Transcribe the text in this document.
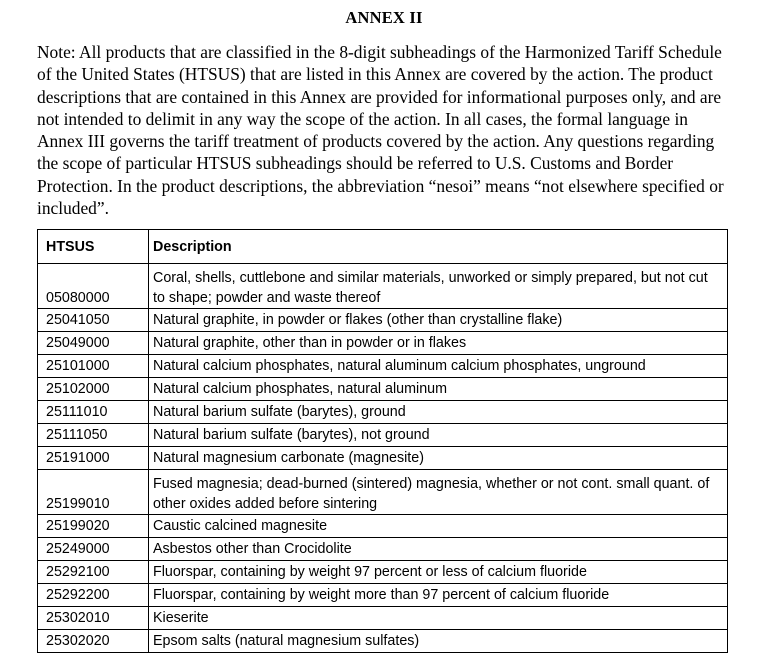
ANNEX II

Note: All products that are classified in the 8-digit subheadings of the Harmonized Tariff Schedule of the United States (HTSUS) that are listed in this Annex are covered by the action. The product descriptions that are contained in this Annex are provided for informational purposes only, and are not intended to delimit in any way the scope of the action. In all cases, the formal language in Annex III governs the tariff treatment of products covered by the action. Any questions regarding the scope of particular HTSUS subheadings should be referred to U.S. Customs and Border Protection. In the product descriptions, the abbreviation “nesoi” means “not elsewhere specified or included”.

HTSUS	Description
05080000	Coral, shells, cuttlebone and similar materials, unworked or simply prepared, but not cut to shape; powder and waste thereof
25041050	Natural graphite, in powder or flakes (other than crystalline flake)
25049000	Natural graphite, other than in powder or in flakes
25101000	Natural calcium phosphates, natural aluminum calcium phosphates, unground
25102000	Natural calcium phosphates, natural aluminum
25111010	Natural barium sulfate (barytes), ground
25111050	Natural barium sulfate (barytes), not ground
25191000	Natural magnesium carbonate (magnesite)
25199010	Fused magnesia; dead-burned (sintered) magnesia, whether or not cont. small quant. of other oxides added before sintering
25199020	Caustic calcined magnesite
25249000	Asbestos other than Crocidolite
25292100	Fluorspar, containing by weight 97 percent or less of calcium fluoride
25292200	Fluorspar, containing by weight more than 97 percent of calcium fluoride
25302010	Kieserite
25302020	Epsom salts (natural magnesium sulfates)
